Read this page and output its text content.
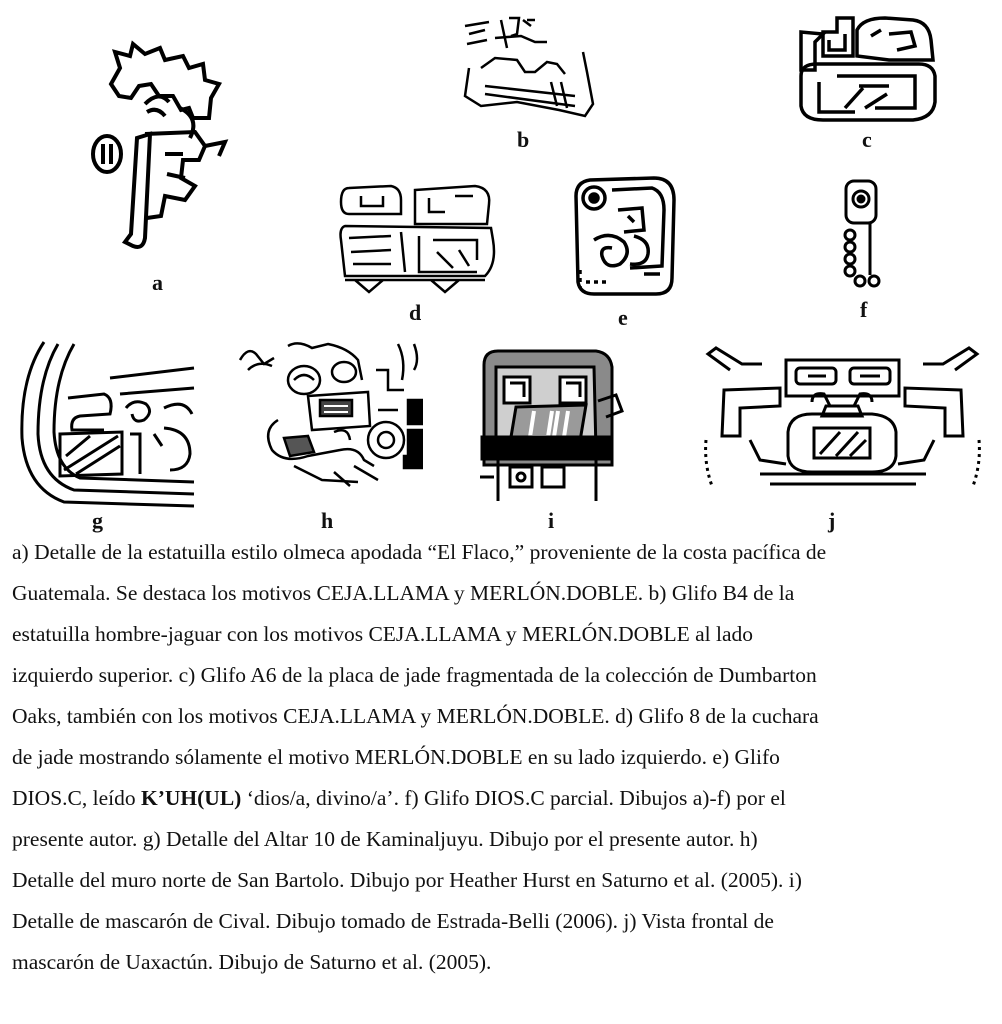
a
b	c
d	e	f
g	h	i	j
a) Detalle de la estatuilla estilo olmeca apodada “El Flaco,” proveniente de la costa pacífica de
Guatemala. Se destaca los motivos CEJA.LLAMA y MERLÓN.DOBLE. b) Glifo B4 de la
estatuilla hombre-jaguar con los motivos CEJA.LLAMA y MERLÓN.DOBLE al lado
izquierdo superior. c) Glifo A6 de la placa de jade fragmentada de la colección de Dumbarton
Oaks, también con los motivos CEJA.LLAMA y MERLÓN.DOBLE. d) Glifo 8 de la cuchara
de jade mostrando sólamente el motivo MERLÓN.DOBLE en su lado izquierdo. e) Glifo
DIOS.C, leído K’UH(UL) ‘dios/a, divino/a’. f) Glifo DIOS.C parcial. Dibujos a)-f) por el
presente autor. g) Detalle del Altar 10 de Kaminaljuyu. Dibujo por el presente autor. h)
Detalle del muro norte de San Bartolo. Dibujo por Heather Hurst en Saturno et al. (2005). i)
Detalle de mascarón de Cival. Dibujo tomado de Estrada-Belli (2006). j) Vista frontal de
mascarón de Uaxactún. Dibujo de Saturno et al. (2005).
